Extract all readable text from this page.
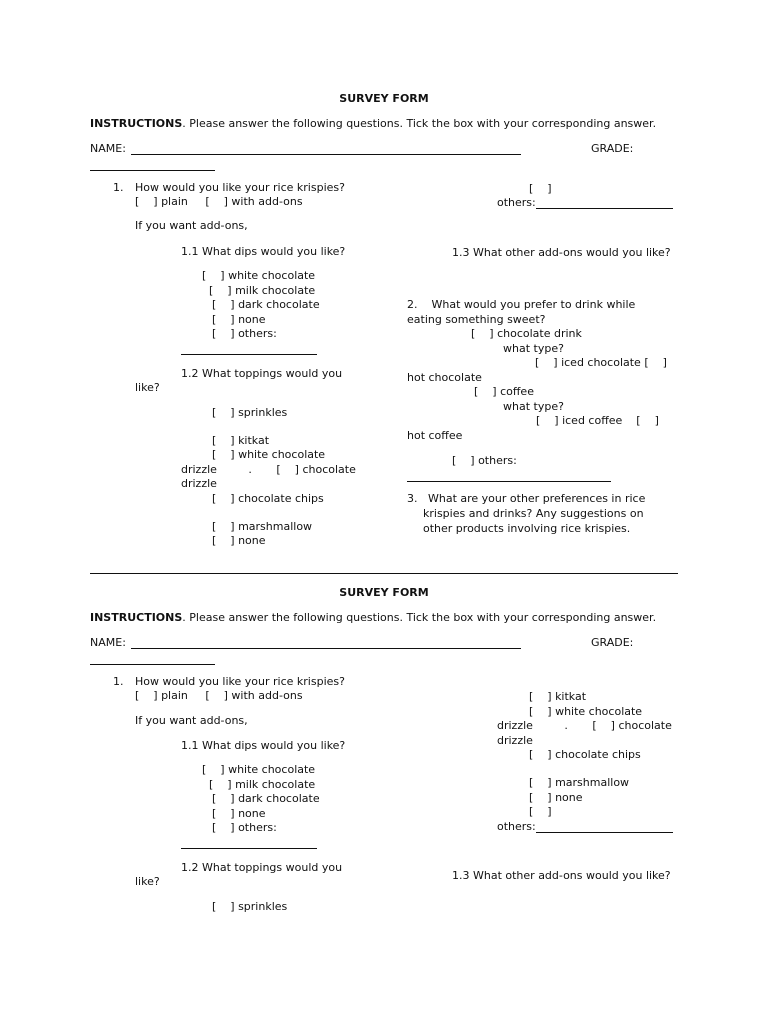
SURVEY FORM
INSTRUCTIONS. Please answer the following questions. Tick the box with your corresponding answer.
NAME:	GRADE:
1. How would you like your rice krispies?
[    ] plain     [    ] with add-ons
If you want add-ons,
1.1 What dips would you like?
[    ] white chocolate
[    ] milk chocolate
[    ] dark chocolate
[    ] none
[    ] others:
1.2 What toppings would you
like?
[    ] sprinkles
[    ] kitkat
[    ] white chocolate
drizzle         .       [    ] chocolate
drizzle
[    ] chocolate chips
[    ] marshmallow
[    ] none
[    ]
others:
1.3 What other add-ons would you like?
2.    What would you prefer to drink while
eating something sweet?
[    ] chocolate drink
what type?
[    ] iced chocolate [    ]
hot chocolate
[    ] coffee
what type?
[    ] iced coffee    [    ]
hot coffee
[    ] others:
3.   What are your other preferences in rice
krispies and drinks? Any suggestions on
other products involving rice krispies.
SURVEY FORM
INSTRUCTIONS. Please answer the following questions. Tick the box with your corresponding answer.
NAME:	GRADE:
1. How would you like your rice krispies?
[    ] plain     [    ] with add-ons
If you want add-ons,
1.1 What dips would you like?
[    ] white chocolate
[    ] milk chocolate
[    ] dark chocolate
[    ] none
[    ] others:
1.2 What toppings would you
like?
[    ] sprinkles
[    ] kitkat
[    ] white chocolate
drizzle         .       [    ] chocolate
drizzle
[    ] chocolate chips
[    ] marshmallow
[    ] none
[    ]
others:
1.3 What other add-ons would you like?
